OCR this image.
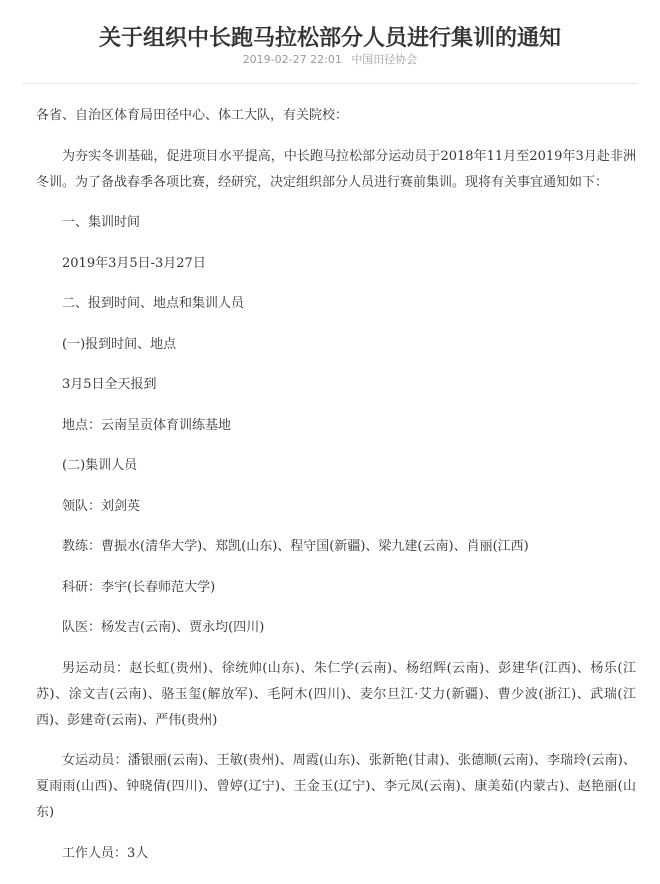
关于组织中长跑马拉松部分人员进行集训的通知
2019-02-27 22:01 中国田径协会

各省、自治区体育局田径中心、体工大队，有关院校：

为夯实冬训基础，促进项目水平提高，中长跑马拉松部分运动员于2018年11月至2019年3月赴非洲冬训。为了备战春季各项比赛，经研究，决定组织部分人员进行赛前集训。现将有关事宜通知如下：

一、集训时间

2019年3月5日-3月27日

二、报到时间、地点和集训人员

(一)报到时间、地点

3月5日全天报到

地点：云南呈贡体育训练基地

(二)集训人员

领队：刘剑英

教练：曹振水(清华大学)、郑凯(山东)、程守国(新疆)、梁九建(云南)、肖丽(江西)

科研：李宇(长春师范大学)

队医：杨发吉(云南)、贾永均(四川)

男运动员：赵长虹(贵州)、徐统帅(山东)、朱仁学(云南)、杨绍辉(云南)、彭建华(江西)、杨乐(江苏)、涂文吉(云南)、骆玉玺(解放军)、毛阿木(四川)、麦尔旦江·艾力(新疆)、曹少波(浙江)、武瑞(江西)、彭建奇(云南)、严伟(贵州)

女运动员：潘银丽(云南)、王敏(贵州)、周霞(山东)、张新艳(甘肃)、张德顺(云南)、李瑞玲(云南)、夏雨雨(山西)、钟晓倩(四川)、曾婷(辽宁)、王金玉(辽宁)、李元凤(云南)、康美茹(内蒙古)、赵艳丽(山东)

工作人员：3人
